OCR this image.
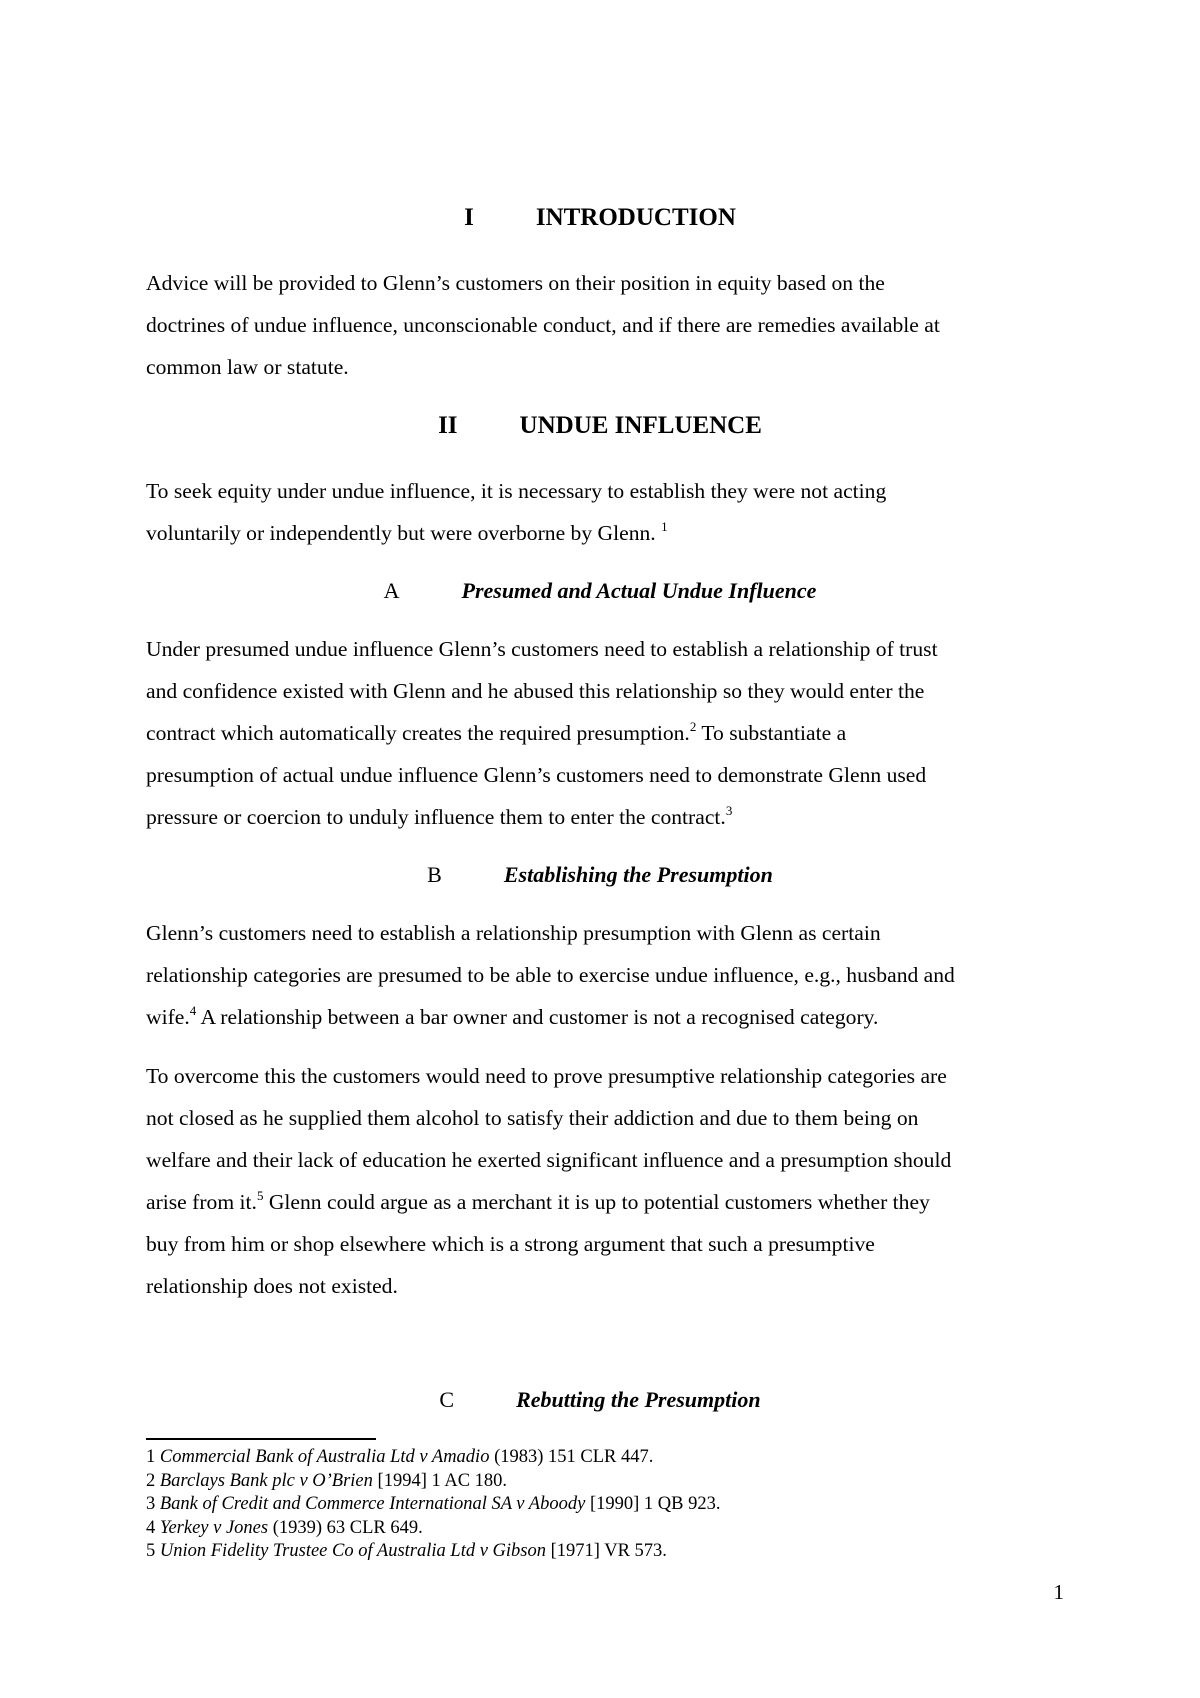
I INTRODUCTION
Advice will be provided to Glenn’s customers on their position in equity based on the
doctrines of undue influence, unconscionable conduct, and if there are remedies available at
common law or statute.
II UNDUE INFLUENCE
To seek equity under undue influence, it is necessary to establish they were not acting
voluntarily or independently but were overborne by Glenn. $^1$
A	Presumed and Actual Undue Influence
Under presumed undue influence Glenn’s customers need to establish a relationship of trust
and confidence existed with Glenn and he abused this relationship so they would enter the
contract which automatically creates the required presumption.$^2$ To substantiate a
presumption of actual undue influence Glenn’s customers need to demonstrate Glenn used
pressure or coercion to unduly influence them to enter the contract.$^3$
B	Establishing the Presumption
Glenn’s customers need to establish a relationship presumption with Glenn as certain
relationship categories are presumed to be able to exercise undue influence, e.g., husband and
wife.$^4$ A relationship between a bar owner and customer is not a recognised category.
To overcome this the customers would need to prove presumptive relationship categories are
not closed as he supplied them alcohol to satisfy their addiction and due to them being on
welfare and their lack of education he exerted significant influence and a presumption should
arise from it.$^5$ Glenn could argue as a merchant it is up to potential customers whether they
buy from him or shop elsewhere which is a strong argument that such a presumptive
relationship does not existed.
C	Rebutting the Presumption
1 Commercial Bank of Australia Ltd v Amadio (1983) 151 CLR 447.
2 Barclays Bank plc v O’Brien [1994] 1 AC 180.
3 Bank of Credit and Commerce International SA v Aboody [1990] 1 QB 923.
4 Yerkey v Jones (1939) 63 CLR 649.
5 Union Fidelity Trustee Co of Australia Ltd v Gibson [1971] VR 573.
1
